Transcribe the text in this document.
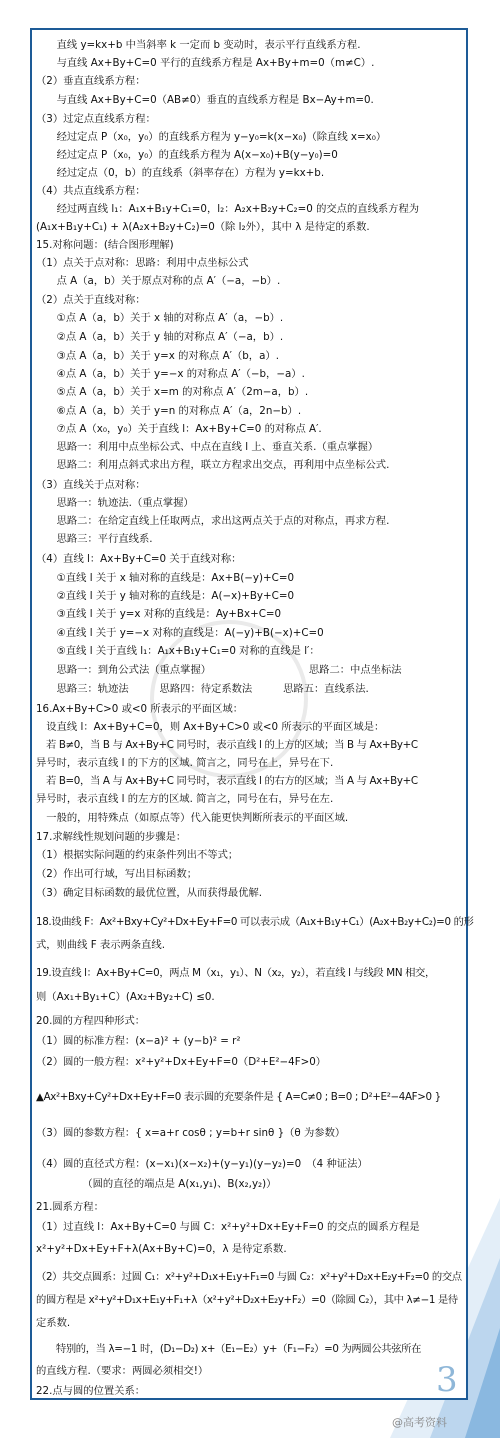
　　直线 y=kx+b 中当斜率 k 一定而 b 变动时，表示平行直线系方程.
　　与直线 Ax+By+C=0 平行的直线系方程是 Ax+By+m=0（m≠C）.
（2）垂直直线系方程：
　　与直线 Ax+By+C=0（AB≠0）垂直的直线系方程是 Bx−Ay+m=0.
（3）过定点直线系方程：
　　经过定点 P（x₀，y₀）的直线系方程为 y−y₀=k(x−x₀)（除直线 x=x₀）
　　经过定点 P（x₀，y₀）的直线系方程为 A(x−x₀)+B(y−y₀)=0
　　经过定点（0，b）的直线系（斜率存在）方程为 y=kx+b.
（4）共点直线系方程：
　　经过两直线 l₁：A₁x+B₁y+C₁=0，l₂：A₂x+B₂y+C₂=0 的交点的直线系方程为
(A₁x+B₁y+C₁) + λ(A₂x+B₂y+C₂)=0（除 l₂外），其中 λ 是待定的系数.
15.对称问题：(结合图形理解)
（1）点关于点对称：思路：利用中点坐标公式
　　点 A（a，b）关于原点对称的点 A′（−a，−b）.
（2）点关于直线对称：
　　①点 A（a，b）关于 x 轴的对称点 A′（a，−b）.
　　②点 A（a，b）关于 y 轴的对称点 A′（−a，b）.
　　③点 A（a，b）关于 y=x 的对称点 A′（b，a）.
　　④点 A（a，b）关于 y=−x 的对称点 A′（−b，−a）.
　　⑤点 A（a，b）关于 x=m 的对称点 A′（2m−a，b）.
　　⑥点 A（a，b）关于 y=n 的对称点 A′（a，2n−b）.
　　⑦点 A（x₀，y₀）关于直线 l：Ax+By+C=0 的对称点 A′.
　　思路一：利用中点坐标公式、中点在直线 l 上、垂直关系.（重点掌握）
　　思路二：利用点斜式求出方程，联立方程求出交点，再利用中点坐标公式.
（3）直线关于点对称：
　　思路一：轨迹法.（重点掌握）
　　思路二：在给定直线上任取两点，求出这两点关于点的对称点，再求方程.
　　思路三：平行直线系.
（4）直线 l：Ax+By+C=0 关于直线对称：
　　①直线 l 关于 x 轴对称的直线是：Ax+B(−y)+C=0
　　②直线 l 关于 y 轴对称的直线是：A(−x)+By+C=0
　　③直线 l 关于 y=x 对称的直线是：Ay+Bx+C=0
　　④直线 l 关于 y=−x 对称的直线是：A(−y)+B(−x)+C=0
　　⑤直线 l 关于直线 l₁：A₁x+B₁y+C₁=0 对称的直线是 l′：
　　思路一：到角公式法（重点掌握）　　　　　　　　　　思路二：中点坐标法
　　思路三：轨迹法　　　思路四：待定系数法　　　思路五：直线系法.
16.Ax+By+C>0 或<0 所表示的平面区域：
　设直线 l：Ax+By+C=0，则 Ax+By+C>0 或<0 所表示的平面区域是：
　若 B≠0，当 B 与 Ax+By+C 同号时，表示直线 l 的上方的区域；当 B 与 Ax+By+C
异号时，表示直线 l 的下方的区域. 简言之，同号在上，异号在下.
　若 B=0，当 A 与 Ax+By+C 同号时，表示直线 l 的右方的区域；当 A 与 Ax+By+C
异号时，表示直线 l 的左方的区域. 简言之，同号在右，异号在左.
　一般的，用特殊点（如原点等）代入能更快判断所表示的平面区域.
17.求解线性规划问题的步骤是：
（1）根据实际问题的约束条件列出不等式；
（2）作出可行域，写出目标函数；
（3）确定目标函数的最优位置，从而获得最优解.
18.设曲线 F：Ax²+Bxy+Cy²+Dx+Ey+F=0 可以表示成（A₁x+B₁y+C₁）(A₂x+B₂y+C₂)=0 的形
式，则曲线 F 表示两条直线.
19.设直线 l：Ax+By+C=0，两点 M（x₁，y₁）、N（x₂，y₂），若直线 l 与线段 MN 相交，
则（Ax₁+By₁+C）(Ax₂+By₂+C) ≤0.
20.圆的方程四种形式：
（1）圆的标准方程：(x−a)² + (y−b)² = r²
（2）圆的一般方程：x²+y²+Dx+Ey+F=0（D²+E²−4F>0）
▲Ax²+Bxy+Cy²+Dx+Ey+F=0 表示圆的充要条件是 { A=C≠0 ; B=0 ; D²+E²−4AF>0 }
（3）圆的参数方程：{ x=a+r cosθ ; y=b+r sinθ }（θ 为参数）
（4）圆的直径式方程：(x−x₁)(x−x₂)+(y−y₁)(y−y₂)=0　（4 种证法）
　　　　　（圆的直径的端点是 A(x₁,y₁)、B(x₂,y₂)）
21.圆系方程：
（1）过直线 l：Ax+By+C=0 与圆 C：x²+y²+Dx+Ey+F=0 的交点的圆系方程是
x²+y²+Dx+Ey+F+λ(Ax+By+C)=0，λ 是待定系数.
（2）共交点圆系：过圆 C₁：x²+y²+D₁x+E₁y+F₁=0 与圆 C₂：x²+y²+D₂x+E₂y+F₂=0 的交点
的圆方程是 x²+y²+D₁x+E₁y+F₁+λ（x²+y²+D₂x+E₂y+F₂）=0（除圆 C₂），其中 λ≠−1 是待
定系数.
　　特别的，当 λ=−1 时，(D₁−D₂) x+（E₁−E₂）y+（F₁−F₂）=0 为两圆公共弦所在
的直线方程.（要求：两圆必须相交!）
22.点与圆的位置关系：	3
@高考资料
